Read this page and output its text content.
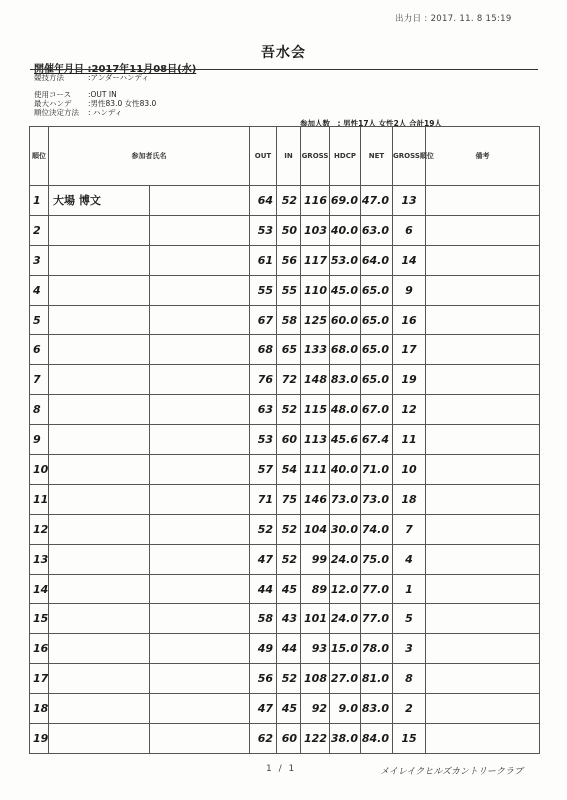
出力日 : 2017. 11. 8 15:19
吾水会
開催年月日 :2017年11月08日(水)
競技方法	:アンダーハンディ
使用コース :OUT IN
最大ハンデ :男性83.0 女性83.0
順位決定方法 : ハンディ
参加人数　: 男性17人 女性2人 合計19人
順位	参加者氏名		OUT	IN	GROSS	HDCP	NET	GROSS順位	備考
1	大場 博文		64	52	116	69.0	47.0	13	
2			53	50	103	40.0	63.0	6	
3			61	56	117	53.0	64.0	14	
4			55	55	110	45.0	65.0	9	
5			67	58	125	60.0	65.0	16	
6			68	65	133	68.0	65.0	17	
7			76	72	148	83.0	65.0	19	
8			63	52	115	48.0	67.0	12	
9			53	60	113	45.6	67.4	11	
10			57	54	111	40.0	71.0	10	
11			71	75	146	73.0	73.0	18	
12			52	52	104	30.0	74.0	7	
13			47	52	99	24.0	75.0	4	
14			44	45	89	12.0	77.0	1	
15			58	43	101	24.0	77.0	5	
16			49	44	93	15.0	78.0	3	
17			56	52	108	27.0	81.0	8	
18			47	45	92	9.0	83.0	2	
19			62	60	122	38.0	84.0	15	
1 / 1	メイレイクヒルズカントリークラブ
